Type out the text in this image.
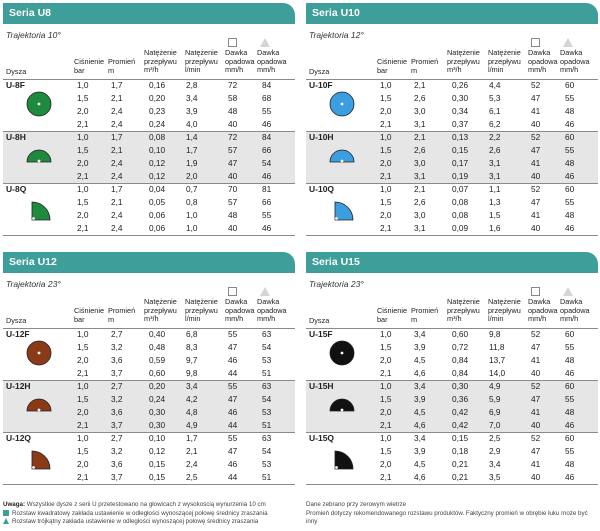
Seria U8
Trajektoria 10°
Ciśnienie
bar
Promień
m
Natężenie
przepływu
m³/h
Natężenie
przepływu
l/min
Dawka
opadowa
mm/h
Dawka
opadowa
mm/h
Dysza
U-8F	1,0	1,7	0,16	2,8	72	84
1,5	2,1	0,20	3,4	58	68
2,0	2,4	0,23	3,9	48	55
2,1	2,4	0,24	4,0	40	46
U-8H	1,0	1,7	0,08	1,4	72	84
1,5	2,1	0,10	1,7	57	66
2,0	2,4	0,12	1,9	47	54
2,1	2,4	0,12	2,0	40	46
U-8Q	1,0	1,7	0,04	0,7	70	81
1,5	2,1	0,05	0,8	57	66
2,0	2,4	0,06	1,0	48	55
2,1	2,4	0,06	1,0	40	46
Seria U10
Trajektoria 12°
Ciśnienie
bar
Promień
m
Natężenie
przepływu
m³/h
Natężenie
przepływu
l/min
Dawka
opadowa
mm/h
Dawka
opadowa
mm/h
Dysza
U-10F	1,0	2,1	0,26	4,4	52	60
1,5	2,6	0,30	5,3	47	55
2,0	3,0	0,34	6,1	41	48
2,1	3,1	0,37	6,2	40	46
U-10H	1,0	2,1	0,13	2,2	52	60
1,5	2,6	0,15	2,6	47	55
2,0	3,0	0,17	3,1	41	48
2,1	3,1	0,19	3,1	40	46
U-10Q	1,0	2,1	0,07	1,1	52	60
1,5	2,6	0,08	1,3	47	55
2,0	3,0	0,08	1,5	41	48
2,1	3,1	0,09	1,6	40	46
Seria U12
Trajektoria 23°
Ciśnienie
bar
Promień
m
Natężenie
przepływu
m³/h
Natężenie
przepływu
l/min
Dawka
opadowa
mm/h
Dawka
opadowa
mm/h
Dysza
U-12F	1,0	2,7	0,40	6,8	55	63
1,5	3,2	0,48	8,3	47	54
2,0	3,6	0,59	9,7	46	53
2,1	3,7	0,60	9,8	44	51
U-12H	1,0	2,7	0,20	3,4	55	63
1,5	3,2	0,24	4,2	47	54
2,0	3,6	0,30	4,8	46	53
2,1	3,7	0,30	4,9	44	51
U-12Q	1,0	2,7	0,10	1,7	55	63
1,5	3,2	0,12	2,1	47	54
2,0	3,6	0,15	2,4	46	53
2,1	3,7	0,15	2,5	44	51
Seria U15
Trajektoria 23°
Ciśnienie
bar
Promień
m
Natężenie
przepływu
m³/h
Natężenie
przepływu
l/min
Dawka
opadowa
mm/h
Dawka
opadowa
mm/h
Dysza
U-15F	1,0	3,4	0,60	9,8	52	60
1,5	3,9	0,72	11,8	47	55
2,0	4,5	0,84	13,7	41	48
2,1	4,6	0,84	14,0	40	46
U-15H	1,0	3,4	0,30	4,9	52	60
1,5	3,9	0,36	5,9	47	55
2,0	4,5	0,42	6,9	41	48
2,1	4,6	0,42	7,0	40	46
U-15Q	1,0	3,4	0,15	2,5	52	60
1,5	3,9	0,18	2,9	47	55
2,0	4,5	0,21	3,4	41	48
2,1	4,6	0,21	3,5	40	46
Uwaga: Wszystkie dysze z serii U przetestowano na głowicach z wysokością wynurzenia 10 cm
Rozstaw kwadratowy zakłada ustawienie w odległości wynoszącej połowę średnicy zraszania
Rozstaw trójkątny zakłada ustawienie w odległości wynoszącej połowę średnicy zraszania
Dane zebrano przy zerowym wietrze
Promień dotyczy rekomendowanego rozstawu produktów. Faktyczny promień w obrębie łuku może być inny
